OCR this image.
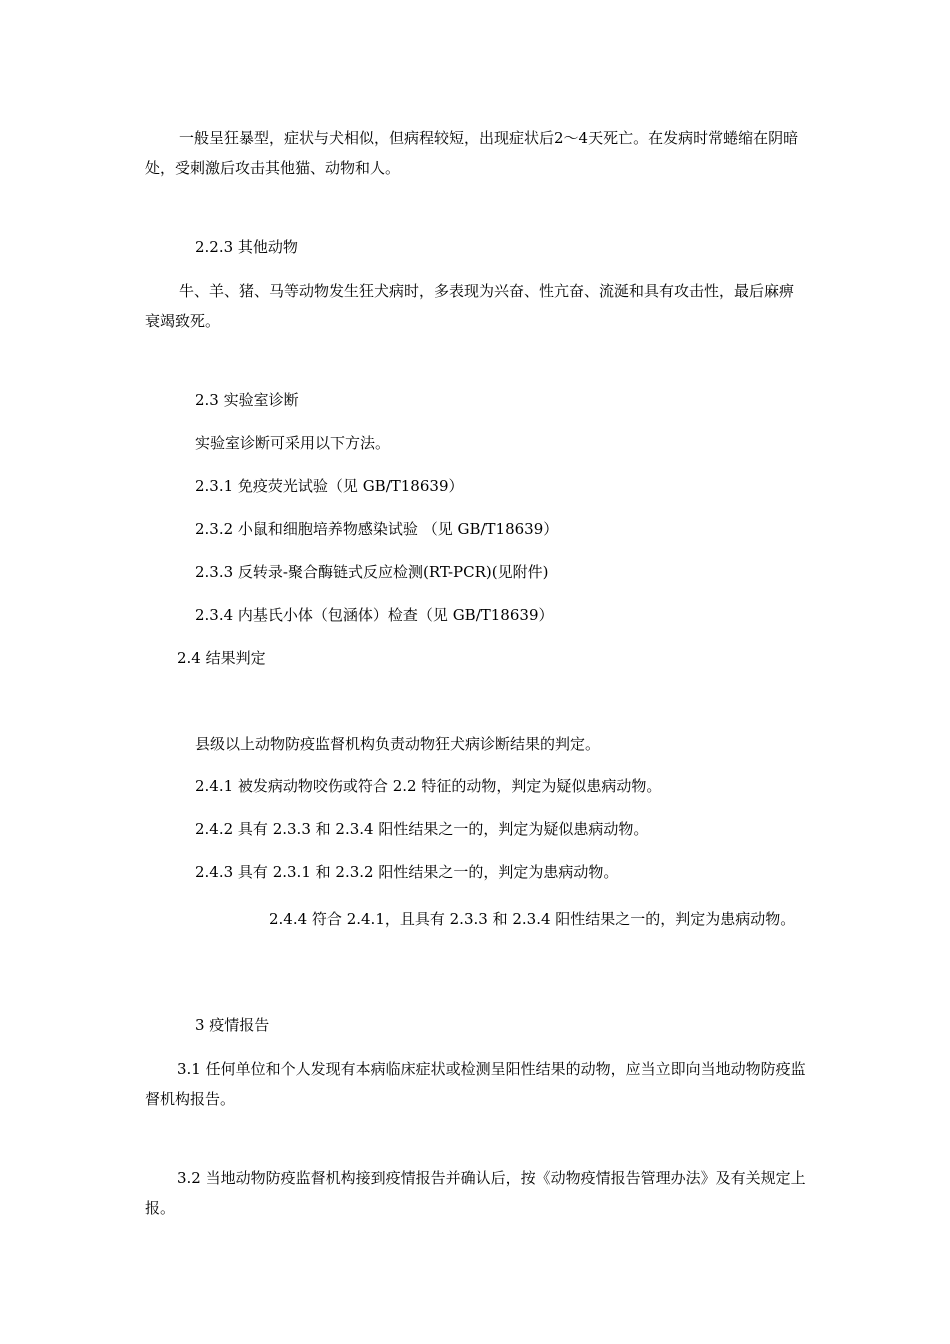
一般呈狂暴型，症状与犬相似，但病程较短，出现症状后2～4天死亡。在发病时常蜷缩在阴暗处，受刺激后攻击其他猫、动物和人。
2.2.3 其他动物
牛、羊、猪、马等动物发生狂犬病时，多表现为兴奋、性亢奋、流涎和具有攻击性，最后麻痹衰竭致死。
2.3 实验室诊断
实验室诊断可采用以下方法。
2.3.1 免疫荧光试验（见 GB/T18639）
2.3.2 小鼠和细胞培养物感染试验 （见 GB/T18639）
2.3.3 反转录-聚合酶链式反应检测(RT-PCR)(见附件)
2.3.4 内基氏小体（包涵体）检查（见 GB/T18639）
2.4 结果判定
县级以上动物防疫监督机构负责动物狂犬病诊断结果的判定。
2.4.1 被发病动物咬伤或符合 2.2 特征的动物，判定为疑似患病动物。
2.4.2 具有 2.3.3 和 2.3.4 阳性结果之一的，判定为疑似患病动物。
2.4.3 具有 2.3.1 和 2.3.2 阳性结果之一的，判定为患病动物。
2.4.4 符合 2.4.1，且具有 2.3.3 和 2.3.4 阳性结果之一的，判定为患病动物。
3 疫情报告
3.1 任何单位和个人发现有本病临床症状或检测呈阳性结果的动物，应当立即向当地动物防疫监督机构报告。
3.2 当地动物防疫监督机构接到疫情报告并确认后，按《动物疫情报告管理办法》及有关规定上报。
